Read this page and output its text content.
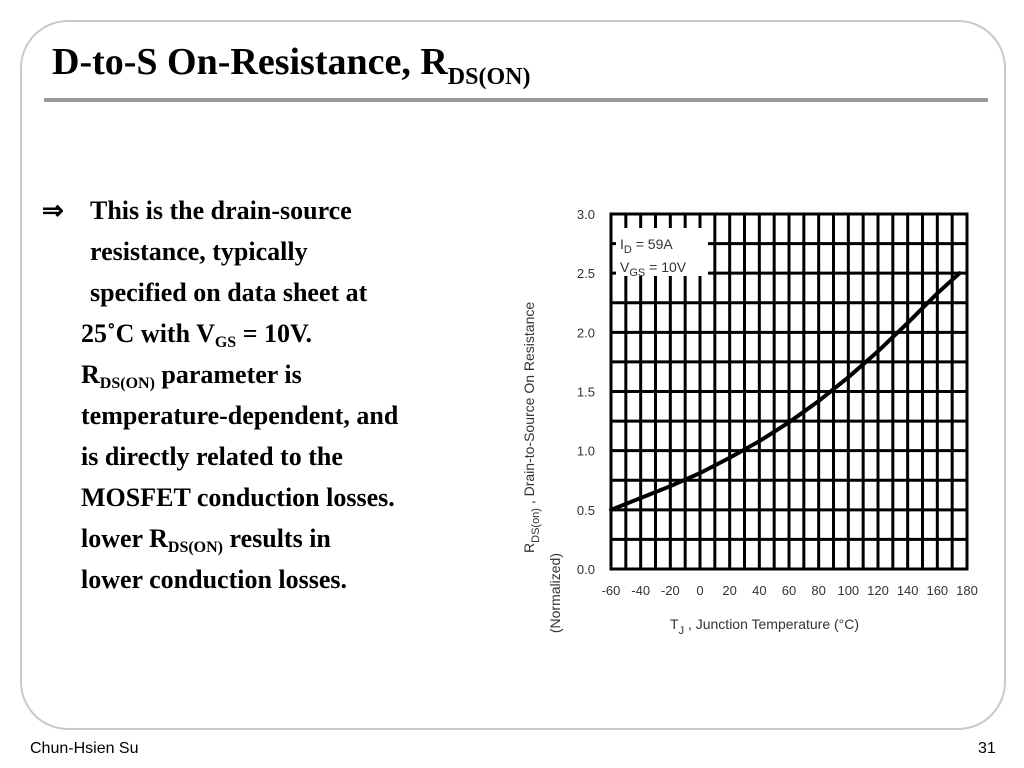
D-to-S On-Resistance, $R_{DS(ON)}$
⇒ This is the drain-source
resistance, typically
specified on data sheet at
25˚C with $V_{GS} = 10V$.
$R_{DS(ON)}$ parameter is
temperature-dependent, and
is directly related to the
MOSFET conduction losses.
lower $R_{DS(ON)}$ results in
lower conduction losses.	0.0
0.5
1.0
1.5
2.0
2.5
3.0
-60 -40 -20 0 20 40 60 80 100 120 140 160 180
$I_D = 59A$
$V_{GS} = 10V$
$T_J$ , Junction Temperature (°C)
$R_{DS(on)}$ , Drain-to-Source On Resistance
(Normalized)
Chun-Hsien Su	31
